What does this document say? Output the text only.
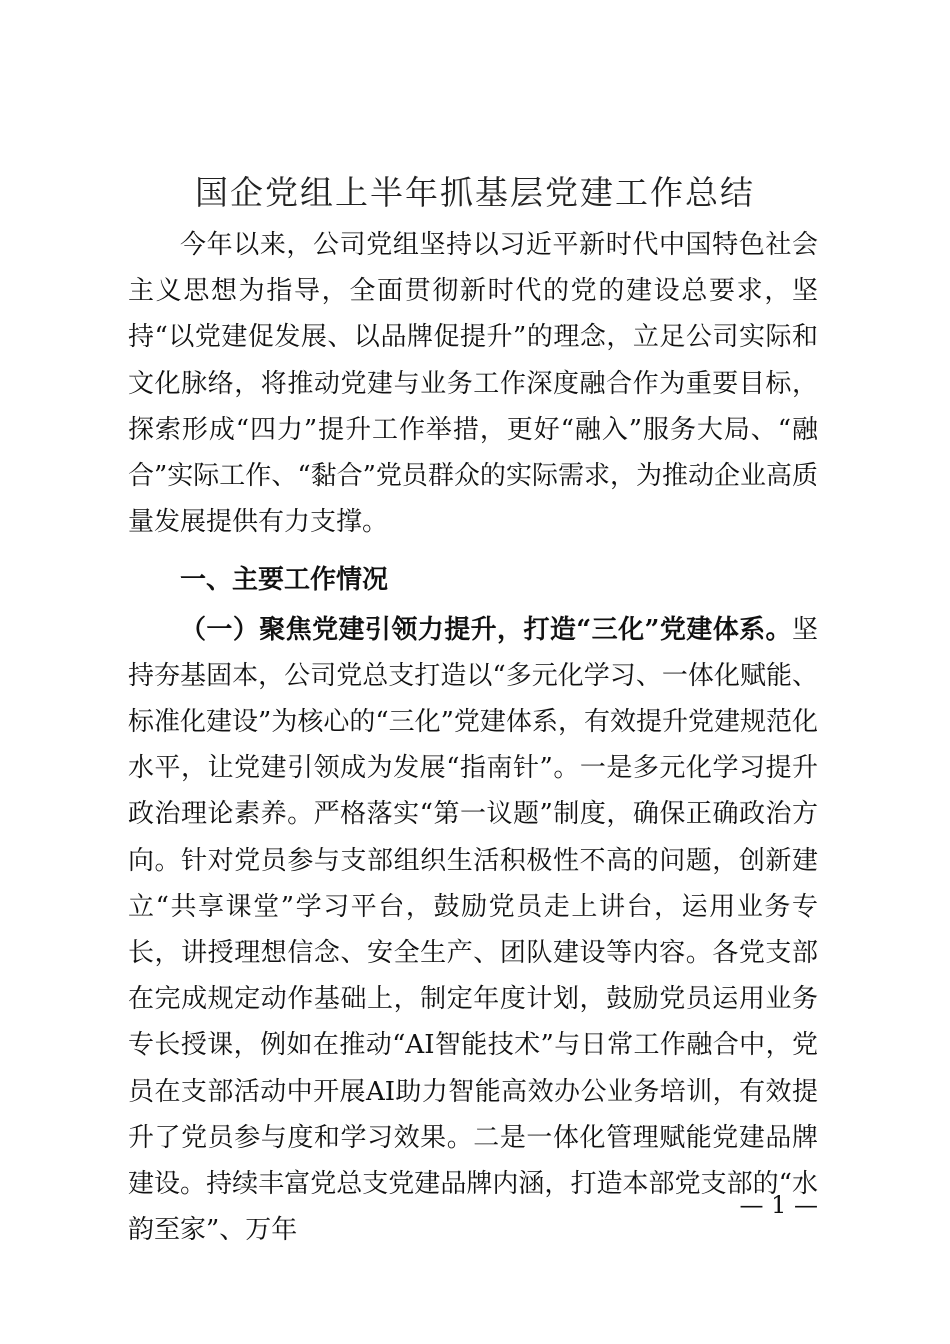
国企党组上半年抓基层党建工作总结

今年以来，公司党组坚持以习近平新时代中国特色社会主义思想为指导，全面贯彻新时代的党的建设总要求，坚持“以党建促发展、以品牌促提升”的理念，立足公司实际和文化脉络，将推动党建与业务工作深度融合作为重要目标，探索形成“四力”提升工作举措，更好“融入”服务大局、“融合”实际工作、“黏合”党员群众的实际需求，为推动企业高质量发展提供有力支撑。

一、主要工作情况

（一）聚焦党建引领力提升，打造“三化”党建体系。坚持夯基固本，公司党总支打造以“多元化学习、一体化赋能、标准化建设”为核心的“三化”党建体系，有效提升党建规范化水平，让党建引领成为发展“指南针”。一是多元化学习提升政治理论素养。严格落实“第一议题”制度，确保正确政治方向。针对党员参与支部组织生活积极性不高的问题，创新建立“共享课堂”学习平台，鼓励党员走上讲台，运用业务专长，讲授理想信念、安全生产、团队建设等内容。各党支部在完成规定动作基础上，制定年度计划，鼓励党员运用业务专长授课，例如在推动“AI智能技术”与日常工作融合中，党员在支部活动中开展AI助力智能高效办公业务培训，有效提升了党员参与度和学习效果。二是一体化管理赋能党建品牌建设。持续丰富党总支党建品牌内涵，打造本部党支部的“水韵至家”、万年

— 1 —
